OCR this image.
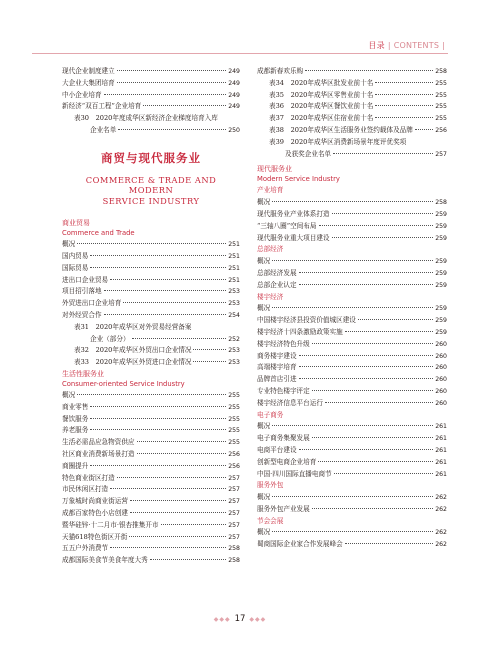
目录 | CONTENTS |
现代企业制度建立	249
大企业大集团培育	249
中小企业培育	249
新经济“双百工程”企业培育	249
表30　2020年度成华区新经济企业梯度培育入库
企业名单	250
商贸与现代服务业
COMMERCE & TRADE AND MODERN
SERVICE INDUSTRY
商业贸易
Commerce and Trade
概况	251
国内贸易	251
国际贸易	251
进出口企业贸易	251
项目招引落地	253
外贸进出口企业培育	253
对外经贸合作	254
表31　2020年成华区对外贸易经营备案
企业（部分）	252
表32　2020年成华区外贸出口企业情况	253
表33　2020年成华区外贸进口企业情况	253
生活性服务业
Consumer-oriented Service Industry
概况	255
商业零售	255
餐饮服务	255
养老服务	255
生活必需品应急物资供应	255
社区商业消费新场景打造	256
商圈提升	256
特色商业街区打造	257
市民休闲区打造	257
万象城时尚商业街运营	257
成都百家特色小店创建	257
暨华硅锌·十二月市·银杏推集开市	257
天猫618特色街区开街	257
五五户外消费节	258
成都国际美食节美食年度大秀	258
成都新春欢乐购	258
表34　2020年成华区批发业前十名	255
表35　2020年成华区零售业前十名	255
表36　2020年成华区餐饮业前十名	255
表37　2020年成华区住宿业前十名	255
表38　2020年成华区生活服务业签约载体及品牌	256
表39　2020年成华区消费新场景年度评优奖项
及获奖企业名单	257
现代服务业
Modern Service Industry
产业培育
概况	258
现代服务业产业体系打造	259
“三轴八圈”空间布局	259
现代服务业重大项目建设	259
总部经济
概况	259
总部经济发展	259
总部企业认定	259
楼宇经济
概况	259
中国楼宇经济县投资价值城区建设	259
楼宇经济十四条激励政策实施	259
楼宇经济特色升级	260
商务楼宇建设	260
高端楼宇培育	260
品牌首店引进	260
专业特色楼宇评定	260
楼宇经济信息平台运行	260
电子商务
概况	261
电子商务集聚发展	261
电商平台建设	261
创新型电商企业培育	261
中国·四川国际直播电商节	261
服务外包
概况	262
服务外包产业发展	262
节会会展
概况	262
蜀商国际企业家合作发展峰会	262
◆◆◆ 17 ◆◆◆
